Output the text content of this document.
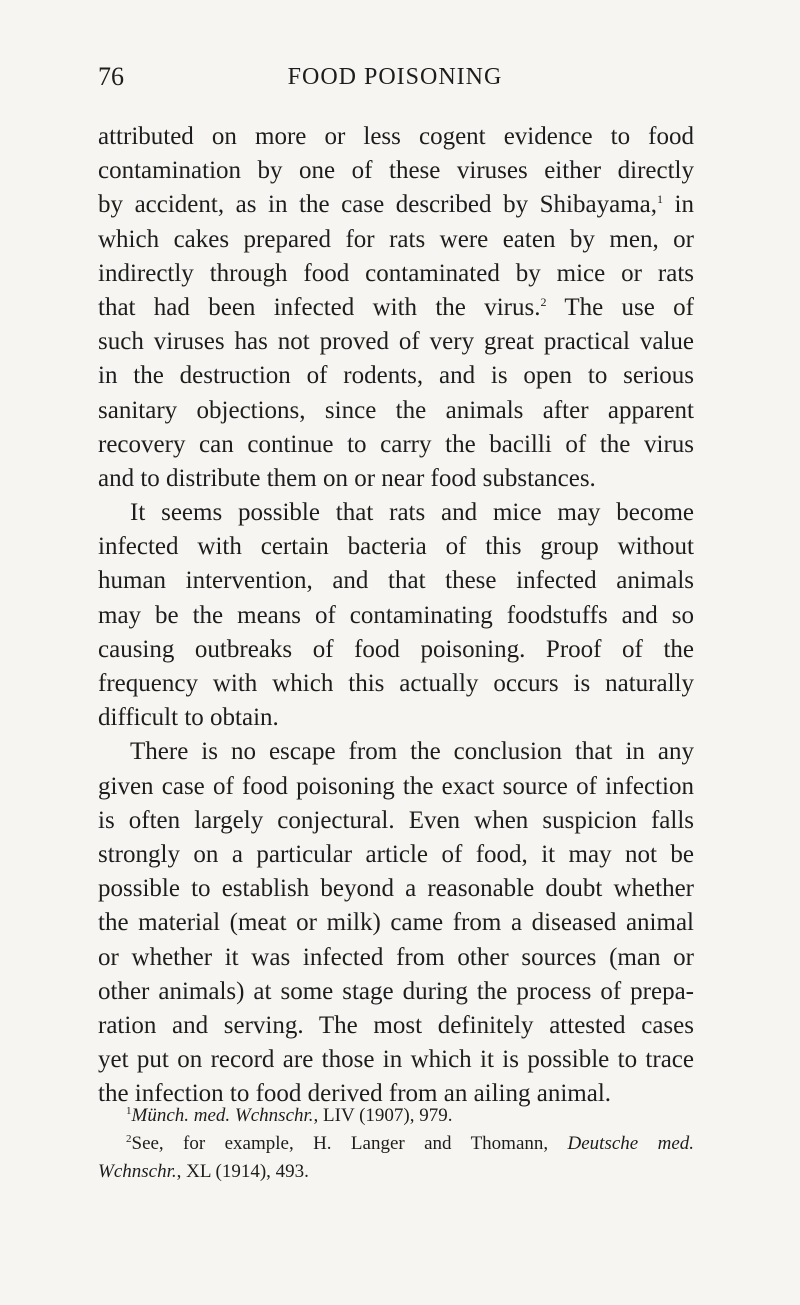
76	FOOD POISONING
attributed on more or less cogent evidence to food
contamination by one of these viruses either directly
by accident, as in the case described by Shibayama,$^1$ in
which cakes prepared for rats were eaten by men, or
indirectly through food contaminated by mice or rats
that had been infected with the virus.$^2$ The use of
such viruses has not proved of very great practical value
in the destruction of rodents, and is open to serious
sanitary objections, since the animals after apparent
recovery can continue to carry the bacilli of the virus
and to distribute them on or near food substances.
It seems possible that rats and mice may become
infected with certain bacteria of this group without
human intervention, and that these infected animals
may be the means of contaminating foodstuffs and so
causing outbreaks of food poisoning. Proof of the
frequency with which this actually occurs is naturally
difficult to obtain.
There is no escape from the conclusion that in any
given case of food poisoning the exact source of infection
is often largely conjectural. Even when suspicion falls
strongly on a particular article of food, it may not be
possible to establish beyond a reasonable doubt whether
the material (meat or milk) came from a diseased animal
or whether it was infected from other sources (man or
other animals) at some stage during the process of prepa-
ration and serving. The most definitely attested cases
yet put on record are those in which it is possible to trace
the infection to food derived from an ailing animal.
$^1$Münch. med. Wchnschr., LIV (1907), 979.
$^2$See, for example, H. Langer and Thomann, Deutsche med.
Wchnschr., XL (1914), 493.
